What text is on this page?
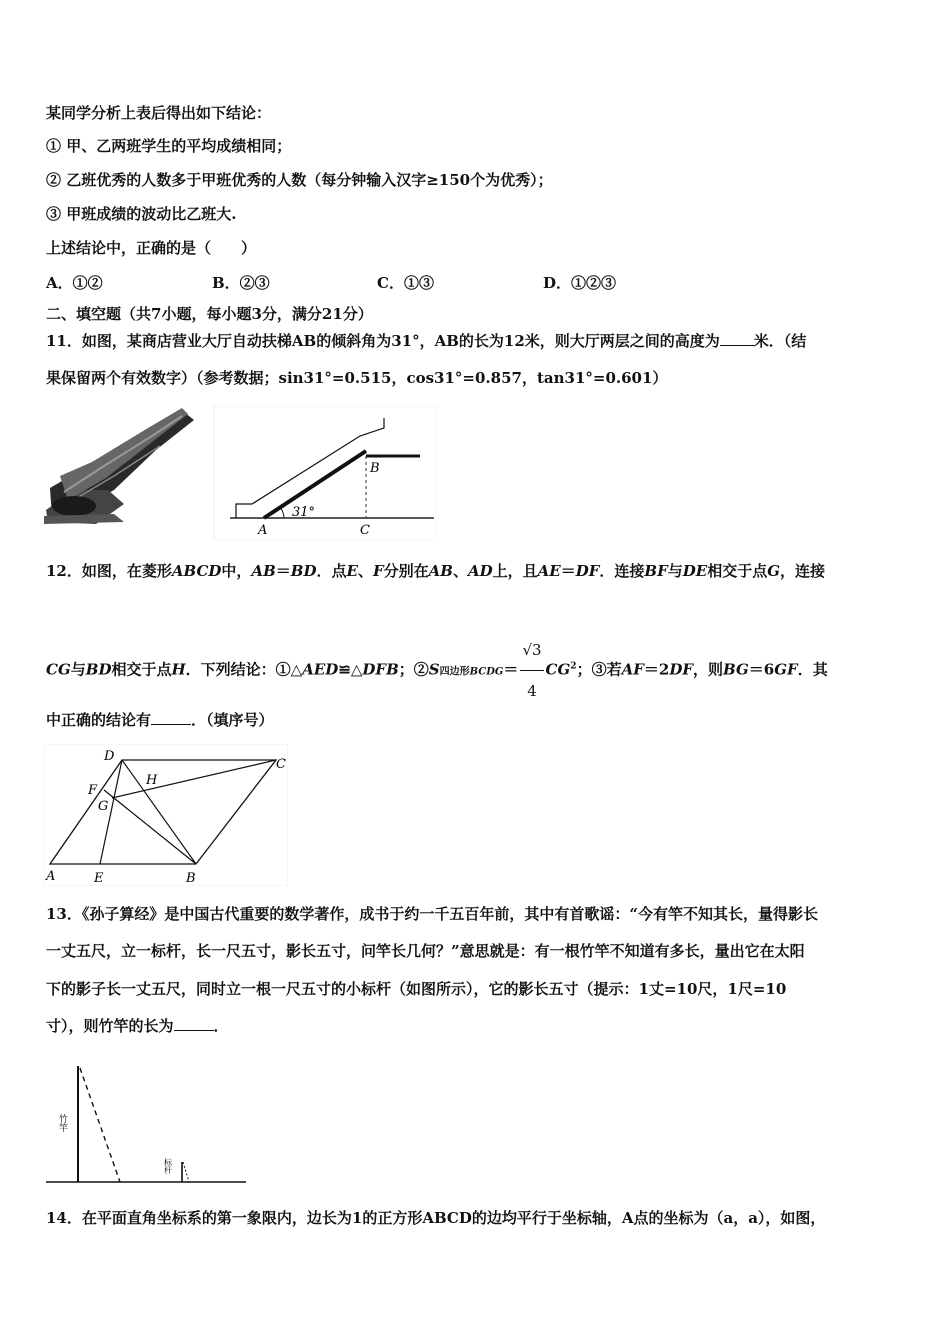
某同学分析上表后得出如下结论：
① 甲、乙两班学生的平均成绩相同；
② 乙班优秀的人数多于甲班优秀的人数（每分钟输入汉字≥150个为优秀）；
③ 甲班成绩的波动比乙班大.
上述结论中，正确的是（　　）
A．①②	B．②③	C．①③	D．①②③
二、填空题（共7小题，每小题3分，满分21分）
11．如图，某商店营业大厅自动扶梯AB的倾斜角为31°，AB的长为12米，则大厅两层之间的高度为 米．（结
果保留两个有效数字）（参考数据；sin31°=0.515，cos31°=0.857，tan31°=0.601）
31°
A
B
C
12．如图，在菱形ABCD中，AB＝BD．点E、F分别在AB、AD上，且AE＝DF．连接BF与DE相交于点G，连接
CG与BD相交于点H．下列结论：①△AED≌△DFB；②S四边形BCDG＝ $\frac{√3}{4} CG^2$；③若AF＝2DF，则BG＝6GF．其
中正确的结论有	．（填序号）
D
C
H
F
G
A	E	B
13．《孙子算经》是中国古代重要的数学著作，成书于约一千五百年前，其中有首歌谣：“今有竿不知其长，量得影长
一丈五尺，立一标杆，长一尺五寸，影长五寸，问竿长几何？”意思就是：有一根竹竿不知道有多长，量出它在太阳
下的影子长一丈五尺，同时立一根一尺五寸的小标杆（如图所示），它的影长五寸（提示：1丈=10尺，1尺=10
寸），则竹竿的长为	．
竹竿
标杆
14．在平面直角坐标系的第一象限内，边长为1的正方形ABCD的边均平行于坐标轴，A点的坐标为（a，a），如图，
